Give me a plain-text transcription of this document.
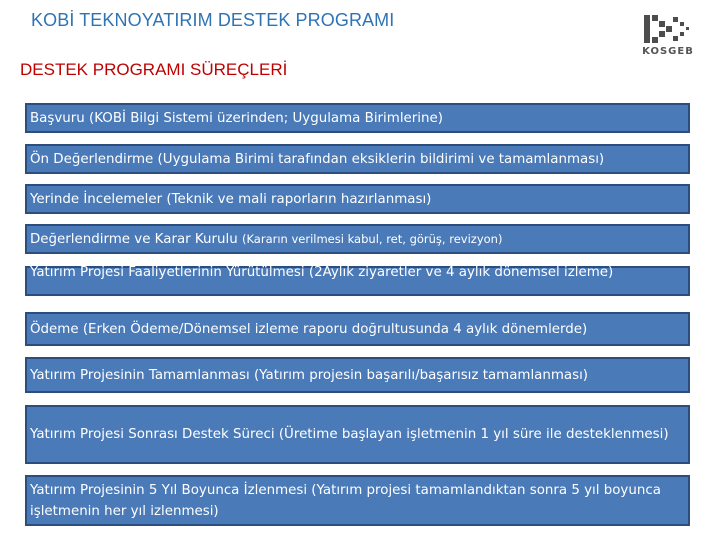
KOBİ TEKNOYATIRIM DESTEK PROGRAMI
KOSGEB
DESTEK PROGRAMI SÜREÇLERİ
Başvuru (KOBİ Bilgi Sistemi üzerinden; Uygulama Birimlerine)
Ön Değerlendirme (Uygulama Birimi tarafından eksiklerin bildirimi ve tamamlanması)
Yerinde İncelemeler (Teknik ve mali raporların hazırlanması)
Değerlendirme ve Karar Kurulu (Kararın verilmesi kabul, ret, görüş, revizyon)
Yatırım Projesi Faaliyetlerinin Yürütülmesi (2Aylık ziyaretler ve 4 aylık dönemsel izleme)
Ödeme (Erken Ödeme/Dönemsel izleme raporu doğrultusunda 4 aylık dönemlerde)
Yatırım Projesinin Tamamlanması (Yatırım projesin başarılı/başarısız tamamlanması)
Yatırım Projesi Sonrası Destek Süreci (Üretime başlayan işletmenin 1 yıl süre ile desteklenmesi)
Yatırım Projesinin 5 Yıl Boyunca İzlenmesi (Yatırım projesi tamamlandıktan sonra 5 yıl boyunca işletmenin her yıl izlenmesi)
